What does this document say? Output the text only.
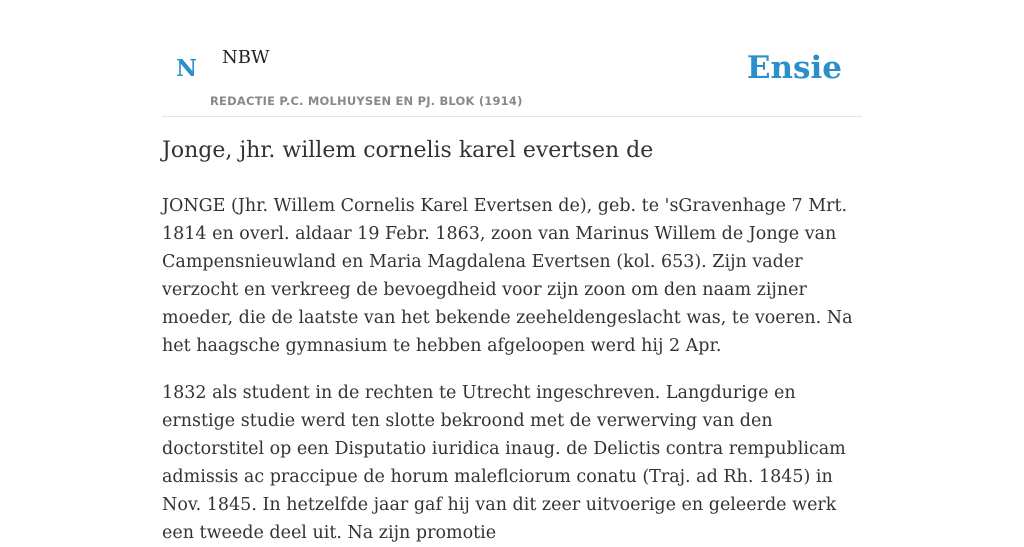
N NBW
REDACTIE P.C. MOLHUYSEN EN PJ. BLOK (1914)
Ensie
Jonge, jhr. willem cornelis karel evertsen de

JONGE (Jhr. Willem Cornelis Karel Evertsen de), geb. te 'sGravenhage 7 Mrt. 1814 en overl. aldaar 19 Febr. 1863, zoon van Marinus Willem de Jonge van Campensnieuwland en Maria Magdalena Evertsen (kol. 653). Zijn vader verzocht en verkreeg de bevoegdheid voor zijn zoon om den naam zijner moeder, die de laatste van het bekende zeeheldengeslacht was, te voeren. Na het haagsche gymnasium te hebben afgeloopen werd hij 2 Apr.

1832 als student in de rechten te Utrecht ingeschreven. Langdurige en ernstige studie werd ten slotte bekroond met de verwerving van den doctorstitel op een Disputatio iuridica inaug. de Delictis contra rempublicam admissis ac praccipue de horum maleflciorum conatu (Traj. ad Rh. 1845) in Nov. 1845. In hetzelfde jaar gaf hij van dit zeer uitvoerige en geleerde werk een tweede deel uit. Na zijn promotie
